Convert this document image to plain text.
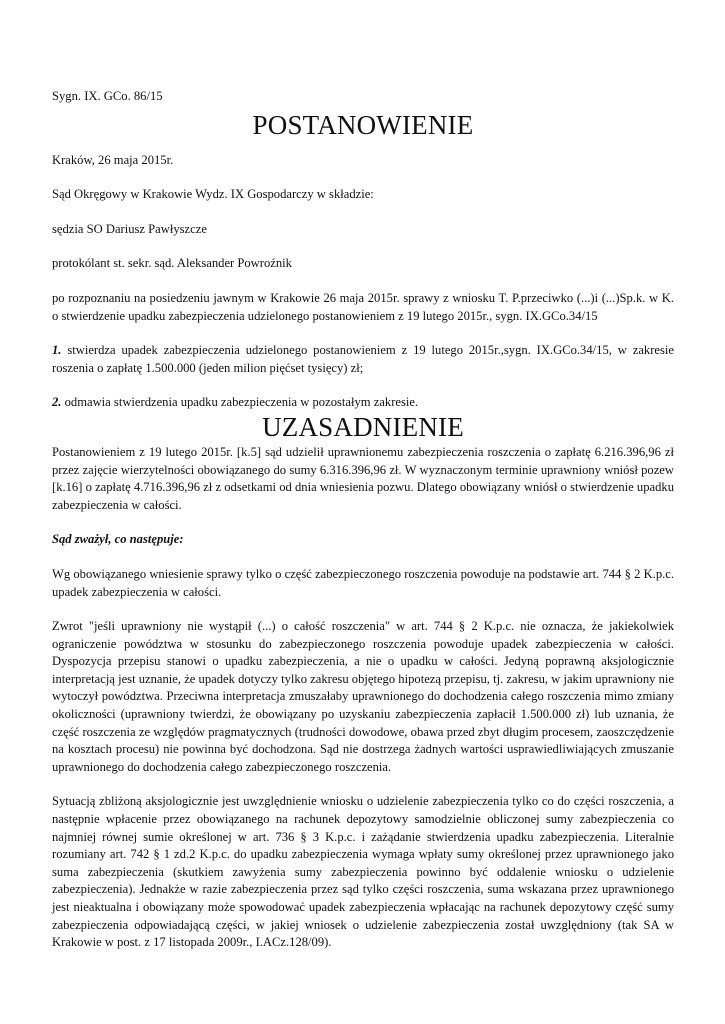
Sygn. IX. GCo. 86/15

POSTANOWIENIE

Kraków, 26 maja 2015r.

Sąd Okręgowy w Krakowie Wydz. IX Gospodarczy w składzie:

sędzia SO Dariusz Pawłyszcze

protokólant st. sekr. sąd. Aleksander Powroźnik

po rozpoznaniu na posiedzeniu jawnym w Krakowie 26 maja 2015r. sprawy z wniosku T. P.przeciwko (...)i (...)Sp.k. w K. o stwierdzenie upadku zabezpieczenia udzielonego postanowieniem z 19 lutego 2015r., sygn. IX.GCo.34/15

1. stwierdza upadek zabezpieczenia udzielonego postanowieniem z 19 lutego 2015r.,sygn. IX.GCo.34/15, w zakresie roszenia o zapłatę 1.500.000 (jeden milion pięćset tysięcy) zł;

2. odmawia stwierdzenia upadku zabezpieczenia w pozostałym zakresie.

UZASADNIENIE

Postanowieniem z 19 lutego 2015r. [k.5] sąd udzielił uprawnionemu zabezpieczenia roszczenia o zapłatę 6.216.396,96 zł przez zajęcie wierzytelności obowiązanego do sumy 6.316.396,96 zł. W wyznaczonym terminie uprawniony wniósł pozew [k.16] o zapłatę 4.716.396,96 zł z odsetkami od dnia wniesienia pozwu. Dlatego obowiązany wniósł o stwierdzenie upadku zabezpieczenia w całości.

Sąd zważył, co następuje:

Wg obowiązanego wniesienie sprawy tylko o część zabezpieczonego roszczenia powoduje na podstawie art. 744 § 2 K.p.c. upadek zabezpieczenia w całości.

Zwrot "jeśli uprawniony nie wystąpił (...) o całość roszczenia" w art. 744 § 2 K.p.c. nie oznacza, że jakiekolwiek ograniczenie powództwa w stosunku do zabezpieczonego roszczenia powoduje upadek zabezpieczenia w całości. Dyspozycja przepisu stanowi o upadku zabezpieczenia, a nie o upadku w całości. Jedyną poprawną aksjologicznie interpretacją jest uznanie, że upadek dotyczy tylko zakresu objętego hipotezą przepisu, tj. zakresu, w jakim uprawniony nie wytoczył powództwa. Przeciwna interpretacja zmuszałaby uprawnionego do dochodzenia całego roszczenia mimo zmiany okoliczności (uprawniony twierdzi, że obowiązany po uzyskaniu zabezpieczenia zapłacił 1.500.000 zł) lub uznania, że część roszczenia ze względów pragmatycznych (trudności dowodowe, obawa przed zbyt długim procesem, zaoszczędzenie na kosztach procesu) nie powinna być dochodzona. Sąd nie dostrzega żadnych wartości usprawiedliwiających zmuszanie uprawnionego do dochodzenia całego zabezpieczonego roszczenia.

Sytuacją zbliżoną aksjologicznie jest uwzględnienie wniosku o udzielenie zabezpieczenia tylko co do części roszczenia, a następnie wpłacenie przez obowiązanego na rachunek depozytowy samodzielnie obliczonej sumy zabezpieczenia co najmniej równej sumie określonej w art. 736 § 3 K.p.c. i zażądanie stwierdzenia upadku zabezpieczenia. Literalnie rozumiany art. 742 § 1 zd.2 K.p.c. do upadku zabezpieczenia wymaga wpłaty sumy określonej przez uprawnionego jako suma zabezpieczenia (skutkiem zawyżenia sumy zabezpieczenia powinno być oddalenie wniosku o udzielenie zabezpieczenia). Jednakże w razie zabezpieczenia przez sąd tylko części roszczenia, suma wskazana przez uprawnionego jest nieaktualna i obowiązany może spowodować upadek zabezpieczenia wpłacając na rachunek depozytowy część sumy zabezpieczenia odpowiadającą części, w jakiej wniosek o udzielenie zabezpieczenia został uwzględniony (tak SA w Krakowie w post. z 17 listopada 2009r., I.ACz.128/09).
